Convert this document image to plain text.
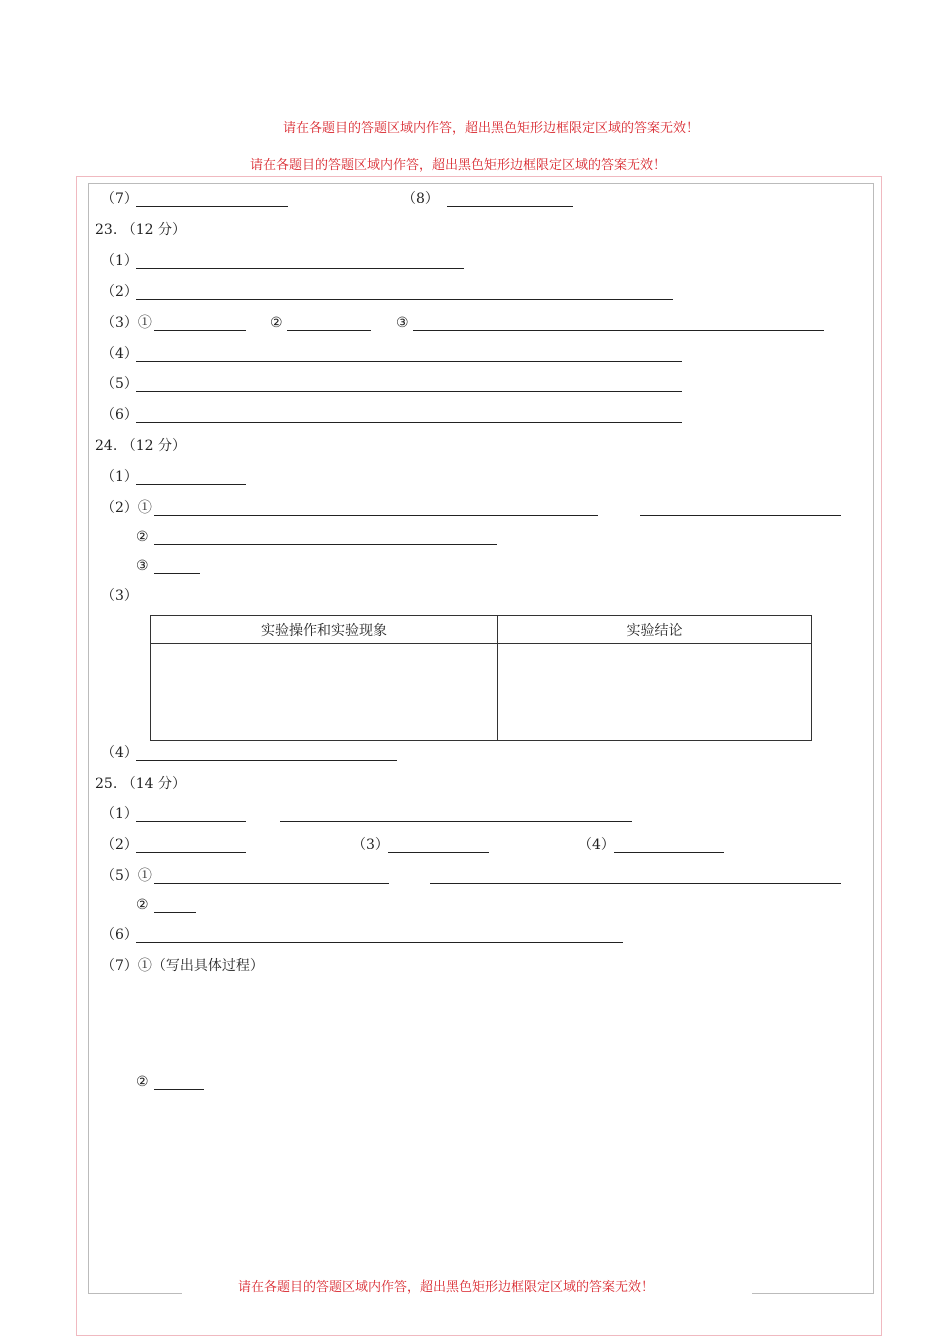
请在各题目的答题区域内作答，超出黑色矩形边框限定区域的答案无效！
请在各题目的答题区域内作答，超出黑色矩形边框限定区域的答案无效！
请在各题目的答题区域内作答，超出黑色矩形边框限定区域的答案无效！
（7）	（8）
23. （12 分）
（1）
（2）
（3）①	②	③
（4）
（5）
（6）
24. （12 分）
（1）
（2）①
②
③
（3）
实验操作和实验现象	实验结论

（4）
25. （14 分）
（1）
（2）	（3）	（4）
（5）①
②
（6）
（7）①（写出具体过程）
②
